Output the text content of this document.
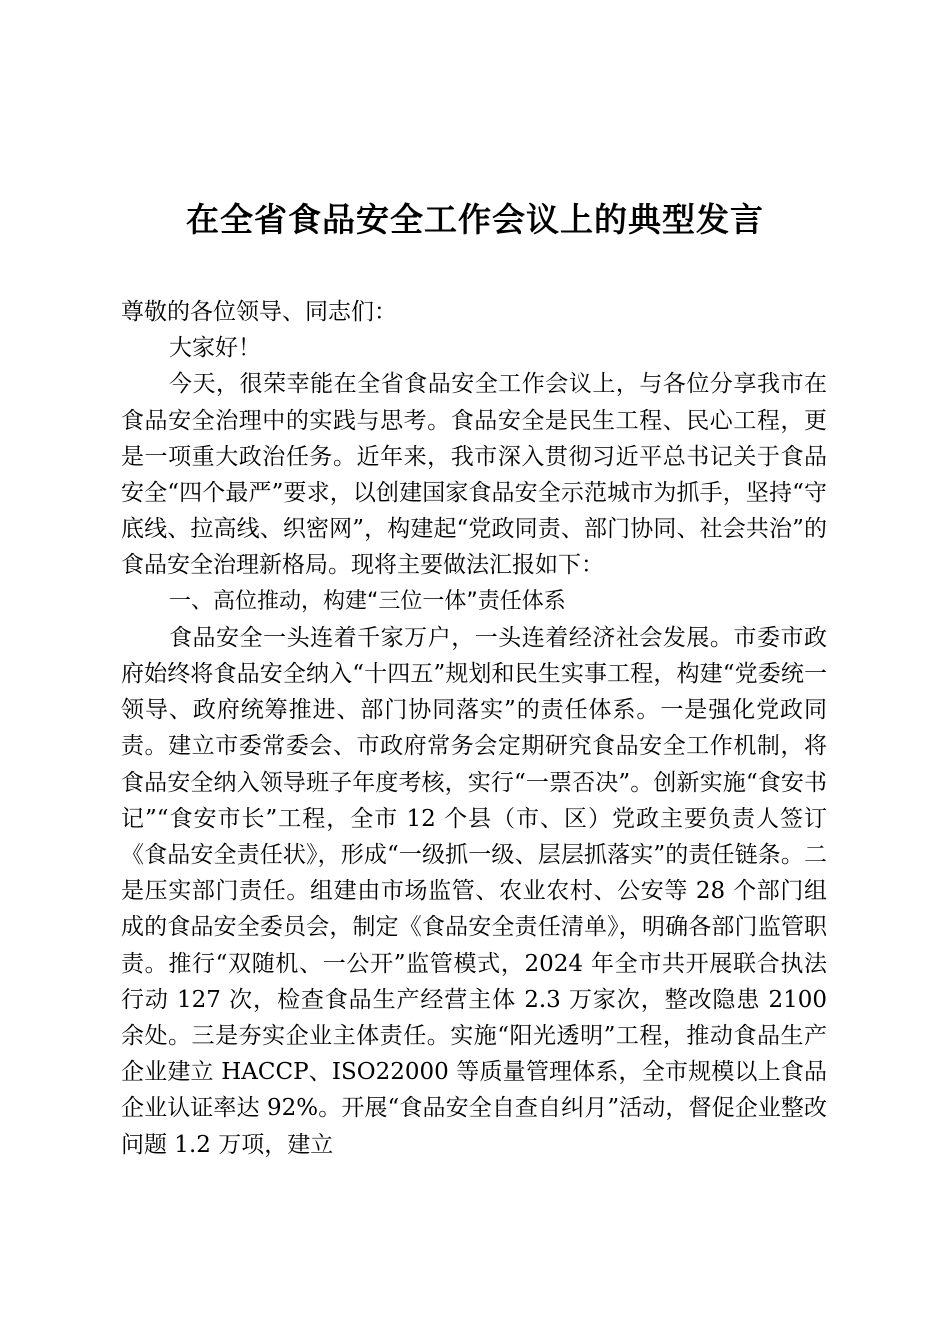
在全省食品安全工作会议上的典型发言

尊敬的各位领导、同志们：

大家好！

今天，很荣幸能在全省食品安全工作会议上，与各位分享我市在食品安全治理中的实践与思考。食品安全是民生工程、民心工程，更是一项重大政治任务。近年来，我市深入贯彻习近平总书记关于食品安全“四个最严”要求，以创建国家食品安全示范城市为抓手，坚持“守底线、拉高线、织密网”，构建起“党政同责、部门协同、社会共治”的食品安全治理新格局。现将主要做法汇报如下：

一、高位推动，构建“三位一体”责任体系

食品安全一头连着千家万户，一头连着经济社会发展。市委市政府始终将食品安全纳入“十四五”规划和民生实事工程，构建“党委统一领导、政府统筹推进、部门协同落实”的责任体系。一是强化党政同责。建立市委常委会、市政府常务会定期研究食品安全工作机制，将食品安全纳入领导班子年度考核，实行“一票否决”。创新实施“食安书记”“食安市长”工程，全市 12 个县（市、区）党政主要负责人签订《食品安全责任状》，形成“一级抓一级、层层抓落实”的责任链条。二是压实部门责任。组建由市场监管、农业农村、公安等 28 个部门组成的食品安全委员会，制定《食品安全责任清单》，明确各部门监管职责。推行“双随机、一公开”监管模式，2024 年全市共开展联合执法行动 127 次，检查食品生产经营主体 2.3 万家次，整改隐患 2100 余处。三是夯实企业主体责任。实施“阳光透明”工程，推动食品生产企业建立 HACCP、ISO22000 等质量管理体系，全市规模以上食品企业认证率达 92%。开展“食品安全自查自纠月”活动，督促企业整改问题 1.2 万项，建立
